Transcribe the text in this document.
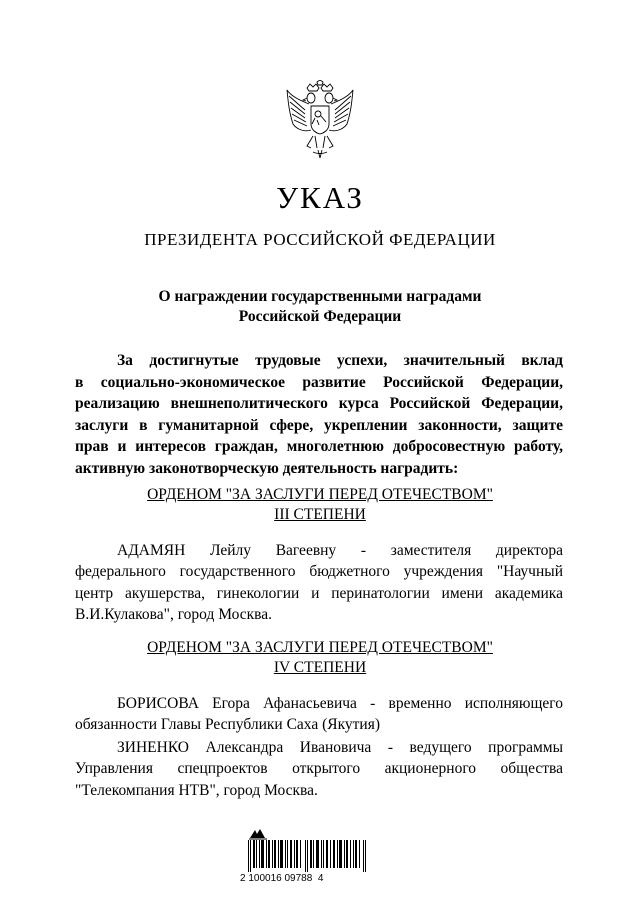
УКАЗ
ПРЕЗИДЕНТА РОССИЙСКОЙ ФЕДЕРАЦИИ
О награждении государственными наградами
Российской Федерации
За достигнутые трудовые успехи, значительный вклад
в социально-экономическое развитие Российской Федерации,
реализацию внешнеполитического курса Российской Федерации,
заслуги в гуманитарной сфере, укреплении законности, защите
прав и интересов граждан, многолетнюю добросовестную работу,
активную законотворческую деятельность наградить:
ОРДЕНОМ "ЗА ЗАСЛУГИ ПЕРЕД ОТЕЧЕСТВОМ"
III СТЕПЕНИ
АДАМЯН Лейлу Вагеевну - заместителя директора
федерального государственного бюджетного учреждения "Научный
центр акушерства, гинекологии и перинатологии имени академика
В.И.Кулакова", город Москва.
ОРДЕНОМ "ЗА ЗАСЛУГИ ПЕРЕД ОТЕЧЕСТВОМ"
IV СТЕПЕНИ
БОРИСОВА Егора Афанасьевича - временно исполняющего
обязанности Главы Республики Саха (Якутия)
ЗИНЕНКО Александра Ивановича - ведущего программы
Управления спецпроектов открытого акционерного общества
"Телекомпания НТВ", город Москва.
2 100016 09788  4
